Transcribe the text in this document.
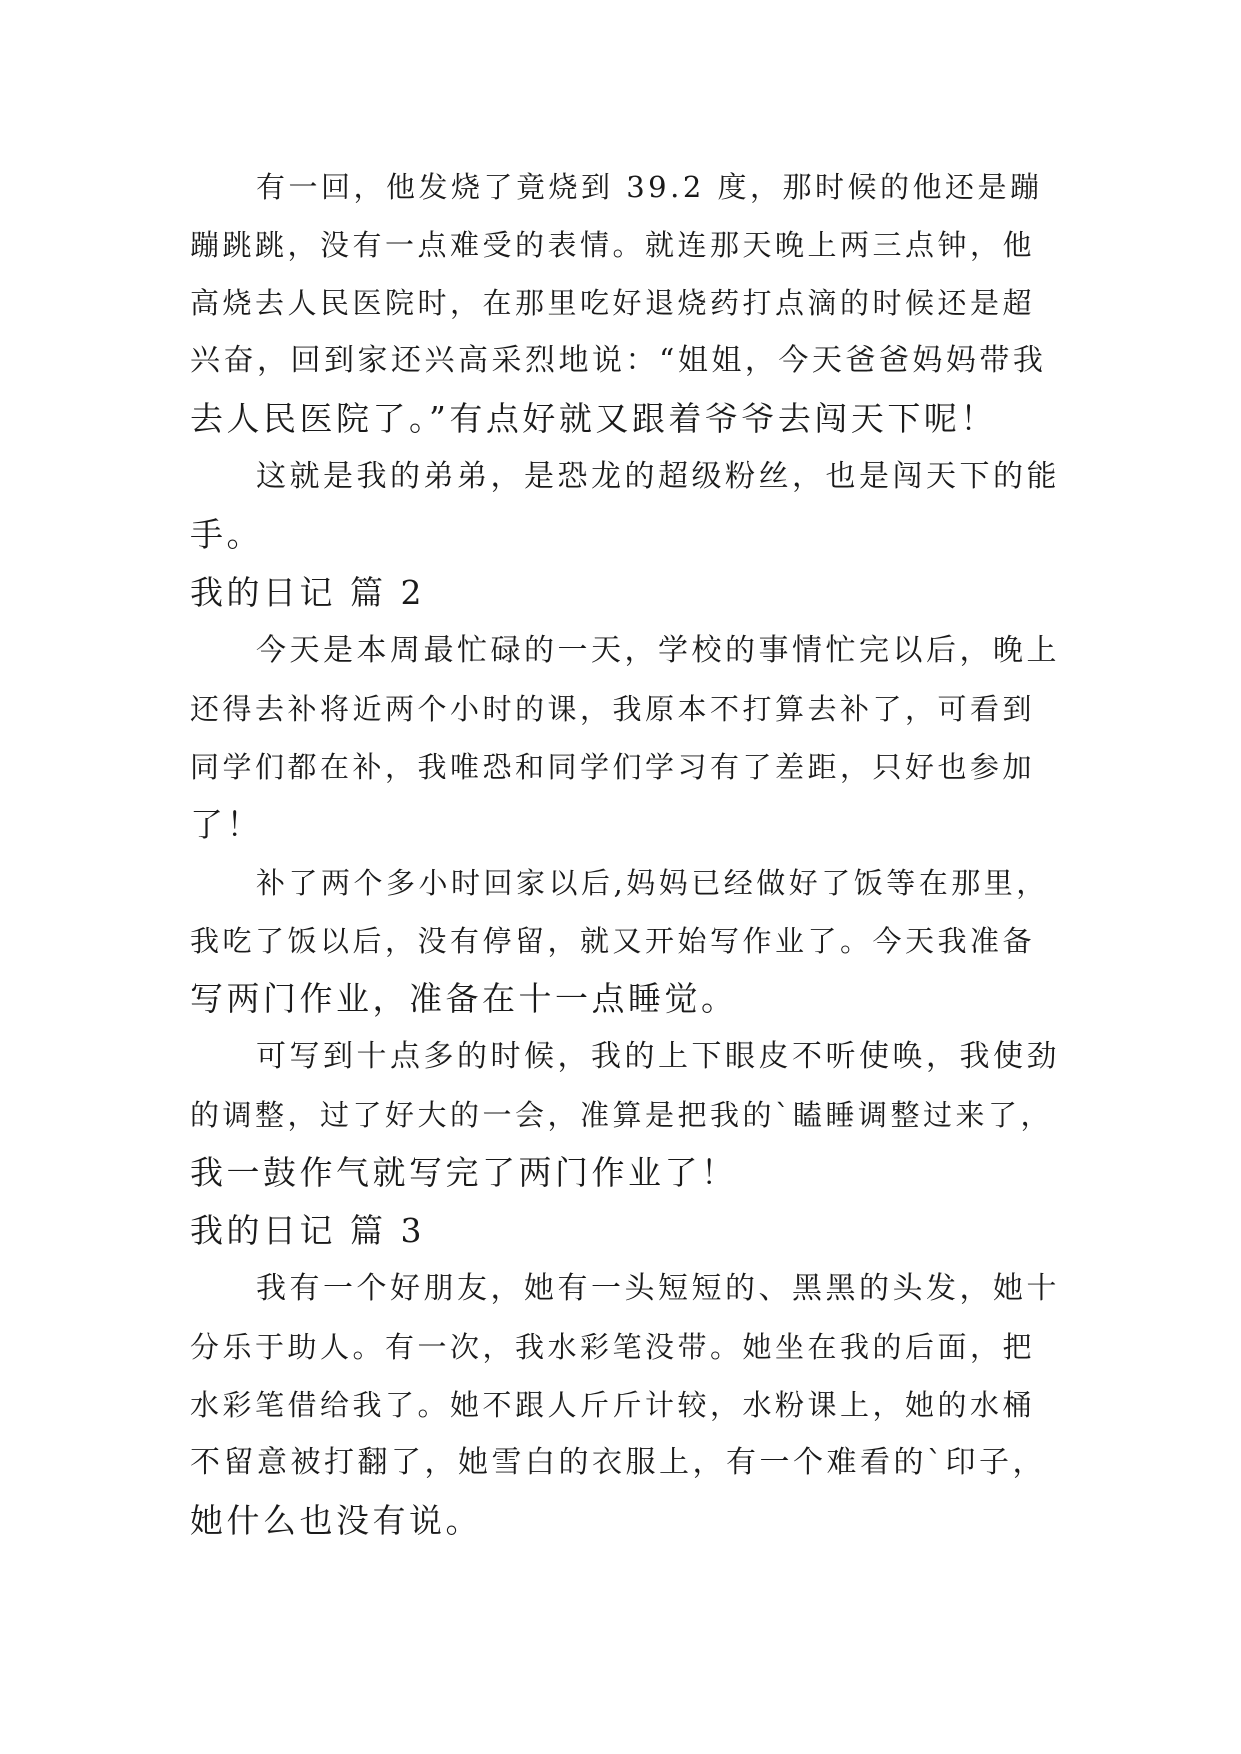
有一回，他发烧了竟烧到 39.2 度，那时候的他还是蹦
蹦跳跳，没有一点难受的表情。就连那天晚上两三点钟，他
高烧去人民医院时，在那里吃好退烧药打点滴的时候还是超
兴奋，回到家还兴高采烈地说：“姐姐，今天爸爸妈妈带我
去人民医院了。”有点好就又跟着爷爷去闯天下呢！
这就是我的弟弟，是恐龙的超级粉丝，也是闯天下的能
手。
我的日记 篇 2
今天是本周最忙碌的一天，学校的事情忙完以后，晚上
还得去补将近两个小时的课，我原本不打算去补了，可看到
同学们都在补，我唯恐和同学们学习有了差距，只好也参加
了！
补了两个多小时回家以后,妈妈已经做好了饭等在那里，
我吃了饭以后，没有停留，就又开始写作业了。今天我准备
写两门作业，准备在十一点睡觉。
可写到十点多的时候，我的上下眼皮不听使唤，我使劲
的调整，过了好大的一会，准算是把我的`瞌睡调整过来了，
我一鼓作气就写完了两门作业了！
我的日记 篇 3
我有一个好朋友，她有一头短短的、黑黑的头发，她十
分乐于助人。有一次，我水彩笔没带。她坐在我的后面，把
水彩笔借给我了。她不跟人斤斤计较，水粉课上，她的水桶
不留意被打翻了，她雪白的衣服上，有一个难看的`印子，
她什么也没有说。
